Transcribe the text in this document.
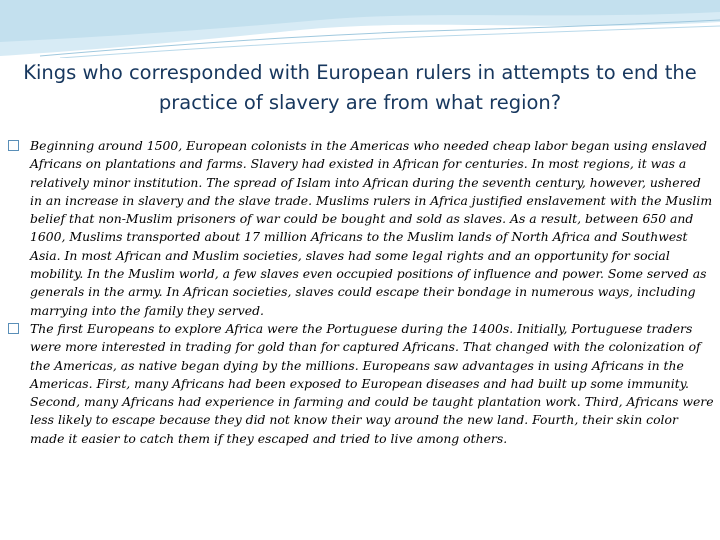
Kings who corresponded with European rulers in attempts to end the practice of slavery are from what region?
Beginning around 1500, European colonists in the Americas who needed cheap labor began using enslaved Africans on plantations and farms. Slavery had existed in African for centuries. In most regions, it was a relatively minor institution. The spread of Islam into African during the seventh century, however, ushered in an increase in slavery and the slave trade. Muslims rulers in Africa justified enslavement with the Muslim belief that non-Muslim prisoners of war could be bought and sold as slaves. As a result, between 650 and 1600, Muslims transported about 17 million Africans to the Muslim lands of North Africa and Southwest Asia. In most African and Muslim societies, slaves had some legal rights and an opportunity for social mobility. In the Muslim world, a few slaves even occupied positions of influence and power. Some served as generals in the army. In African societies, slaves could escape their bondage in numerous ways, including marrying into the family they served.
The first Europeans to explore Africa were the Portuguese during the 1400s. Initially, Portuguese traders were more interested in trading for gold than for captured Africans. That changed with the colonization of the Americas, as native began dying by the millions. Europeans saw advantages in using Africans in the Americas. First, many Africans had been exposed to European diseases and had built up some immunity. Second, many Africans had experience in farming and could be taught plantation work. Third, Africans were less likely to escape because they did not know their way around the new land. Fourth, their skin color made it easier to catch them if they escaped and tried to live among others.
